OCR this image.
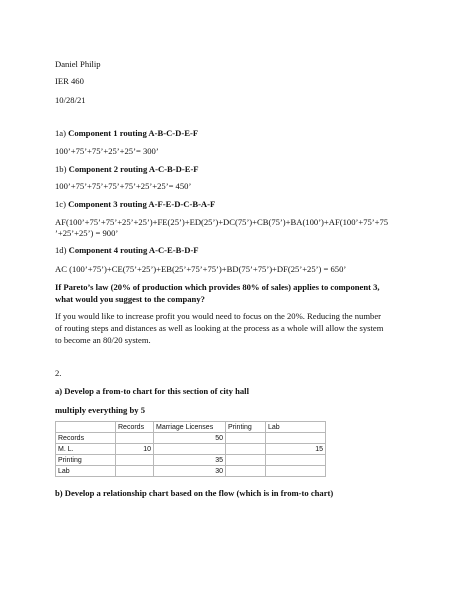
Daniel Philip
IER 460
10/28/21
1a) Component 1 routing A-B-C-D-E-F
100’+75’+75’+25’+25’= 300’
1b) Component 2 routing A-C-B-D-E-F
100’+75’+75’+75’+75’+25’+25’= 450’
1c) Component 3 routing A-F-E-D-C-B-A-F
AF(100’+75’+75’+25’+25’)+FE(25’)+ED(25’)+DC(75’)+CB(75’)+BA(100’)+AF(100’+75’+75
’+25’+25’) = 900’
1d) Component 4 routing A-C-E-B-D-F
AC (100’+75’)+CE(75’+25’)+EB(25’+75’+75’)+BD(75’+75’)+DF(25’+25’) = 650’
If Pareto’s law (20% of production which provides 80% of sales) applies to component 3, what would you suggest to the company?
If you would like to increase profit you would need to focus on the 20%. Reducing the number of routing steps and distances as well as looking at the process as a whole will allow the system to become an 80/20 system.
2.
a) Develop a from-to chart for this section of city hall
multiply everything by 5
	Records	Marriage Licenses	Printing	Lab
Records		50		
M. L.	10			15
Printing		35		
Lab		30		
b) Develop a relationship chart based on the flow (which is in from-to chart)
